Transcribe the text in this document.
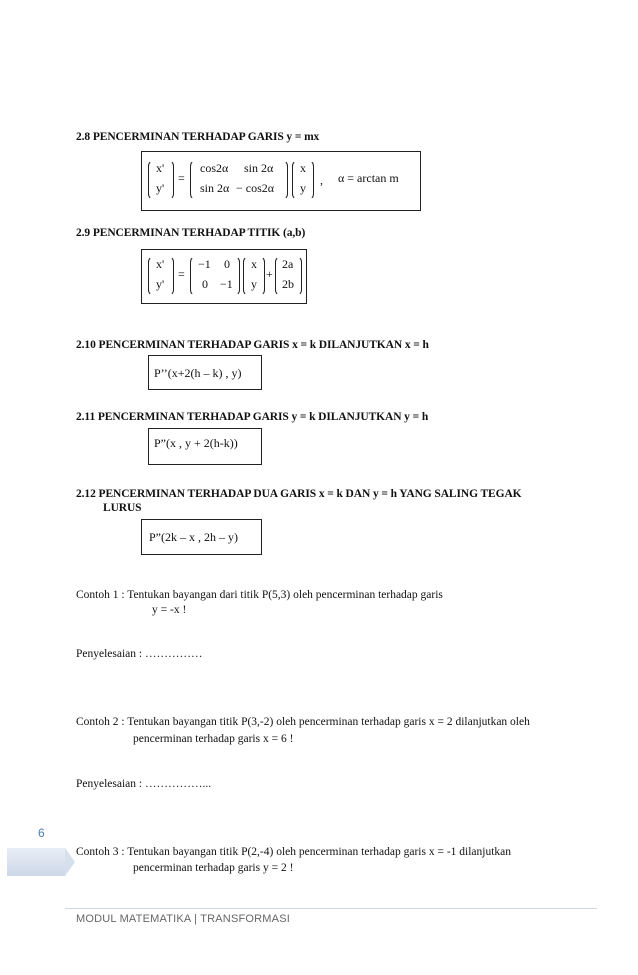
2.8 PENCERMINAN TERHADAP GARIS y = mx
x'
y'
=
cos2α sin 2α
sin 2α − cos2α
x
y
, α = arctan m
2.9 PENCERMINAN TERHADAP TITIK (a,b)
x'
y'
=
−1 0
0 −1
x
y
+
2a
2b
2.10 PENCERMINAN TERHADAP GARIS x = k DILANJUTKAN x = h
P’’(x+2(h – k) , y)
2.11 PENCERMINAN TERHADAP GARIS y = k DILANJUTKAN y = h
P”(x , y + 2(h-k))
2.12 PENCERMINAN TERHADAP DUA GARIS x = k DAN y = h YANG SALING TEGAK
LURUS
P”(2k – x , 2h – y)
Contoh 1 : Tentukan bayangan dari titik P(5,3) oleh pencerminan terhadap garis
y = -x !
Penyelesaian : ……………
Contoh 2 : Tentukan bayangan titik P(3,-2) oleh pencerminan terhadap garis x = 2 dilanjutkan oleh
pencerminan terhadap garis x = 6 !
Penyelesaian : ……………...
Contoh 3 : Tentukan bayangan titik P(2,-4) oleh pencerminan terhadap garis x = -1 dilanjutkan
pencerminan terhadap garis y = 2 !
6
MODUL MATEMATIKA | TRANSFORMASI
